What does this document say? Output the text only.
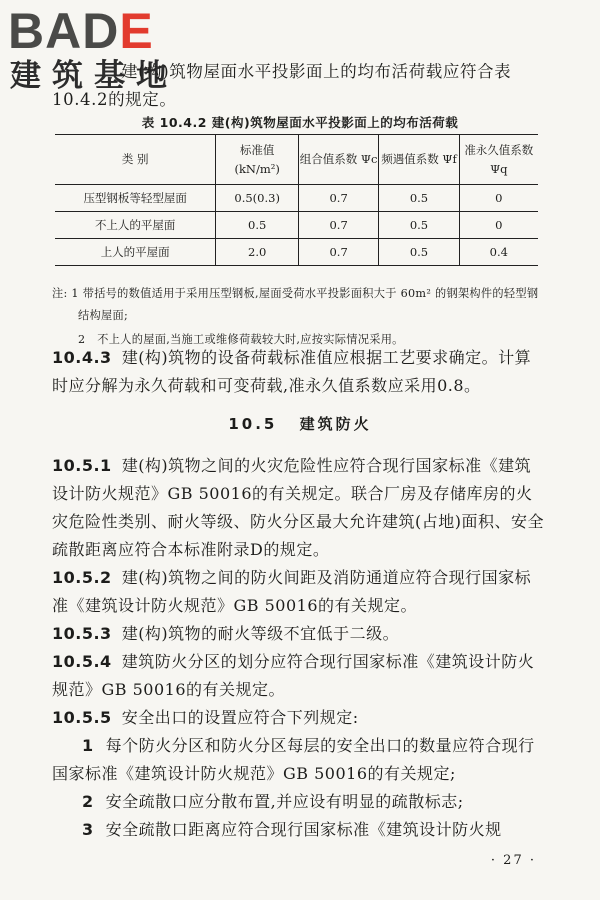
BADE
建筑基地
建(构)筑物屋面水平投影面上的均布活荷载应符合表10.4.2的规定。
表 10.4.2 建(构)筑物屋面水平投影面上的均布活荷载
类 别	标准值 (kN/m²)	组合值系数 Ψc	频遇值系数 Ψf	准永久值系数 Ψq
压型钢板等轻型屋面	0.5(0.3)	0.7	0.5	0
不上人的平屋面	0.5	0.7	0.5	0
上人的平屋面	2.0	0.7	0.5	0.4
注: 1 带括号的数值适用于采用压型钢板,屋面受荷水平投影面积大于 60m² 的钢架构件的轻型钢结构屋面;
2 不上人的屋面,当施工或维修荷载较大时,应按实际情况采用。
10.4.3 建(构)筑物的设备荷载标准值应根据工艺要求确定。计算时应分解为永久荷载和可变荷载,准永久值系数应采用0.8。
10.5 建筑防火
10.5.1 建(构)筑物之间的火灾危险性应符合现行国家标准《建筑设计防火规范》GB 50016的有关规定。联合厂房及存储库房的火灾危险性类别、耐火等级、防火分区最大允许建筑(占地)面积、安全疏散距离应符合本标准附录D的规定。
10.5.2 建(构)筑物之间的防火间距及消防通道应符合现行国家标准《建筑设计防火规范》GB 50016的有关规定。
10.5.3 建(构)筑物的耐火等级不宜低于二级。
10.5.4 建筑防火分区的划分应符合现行国家标准《建筑设计防火规范》GB 50016的有关规定。
10.5.5 安全出口的设置应符合下列规定:
1 每个防火分区和防火分区每层的安全出口的数量应符合现行国家标准《建筑设计防火规范》GB 50016的有关规定;
2 安全疏散口应分散布置,并应设有明显的疏散标志;
3 安全疏散口距离应符合现行国家标准《建筑设计防火规
· 27 ·
